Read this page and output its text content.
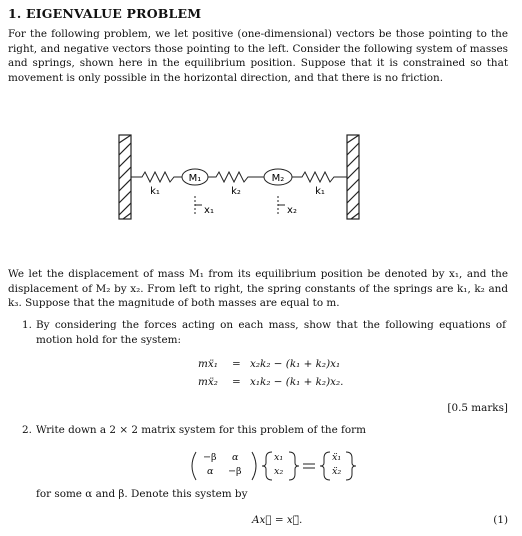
1. EIGENVALUE PROBLEM

For the following problem, we let positive (one-dimensional) vectors be those pointing to the right, and negative vectors those pointing to the left. Consider the following system of masses and springs, shown here in the equilibrium position. Suppose that it is constrained so that movement is only possible in the horizontal direction, and that there is no friction.

M₁	M₂
k₁	k₂	k₁
x₁	x₂

We let the displacement of mass M₁ from its equilibrium position be denoted by x₁, and the displacement of M₂ by x₂. From left to right, the spring constants of the springs are k₁, k₂ and k₃. Suppose that the magnitude of both masses are equal to m.

1. By considering the forces acting on each mass, show that the following equations of motion hold for the system:
mẍ₁ = x₂k₂ − (k₁ + k₂)x₁
mẍ₂ = x₁k₂ − (k₁ + k₂)x₂.
[0.5 marks]
2. Write down a 2 × 2 matrix system for this problem of the form
−β α
α −β
x₁
x₂
ẍ₁
ẍ₂
for some α and β. Denote this system by
Ax⃗ = x⃗̈.	(1)
